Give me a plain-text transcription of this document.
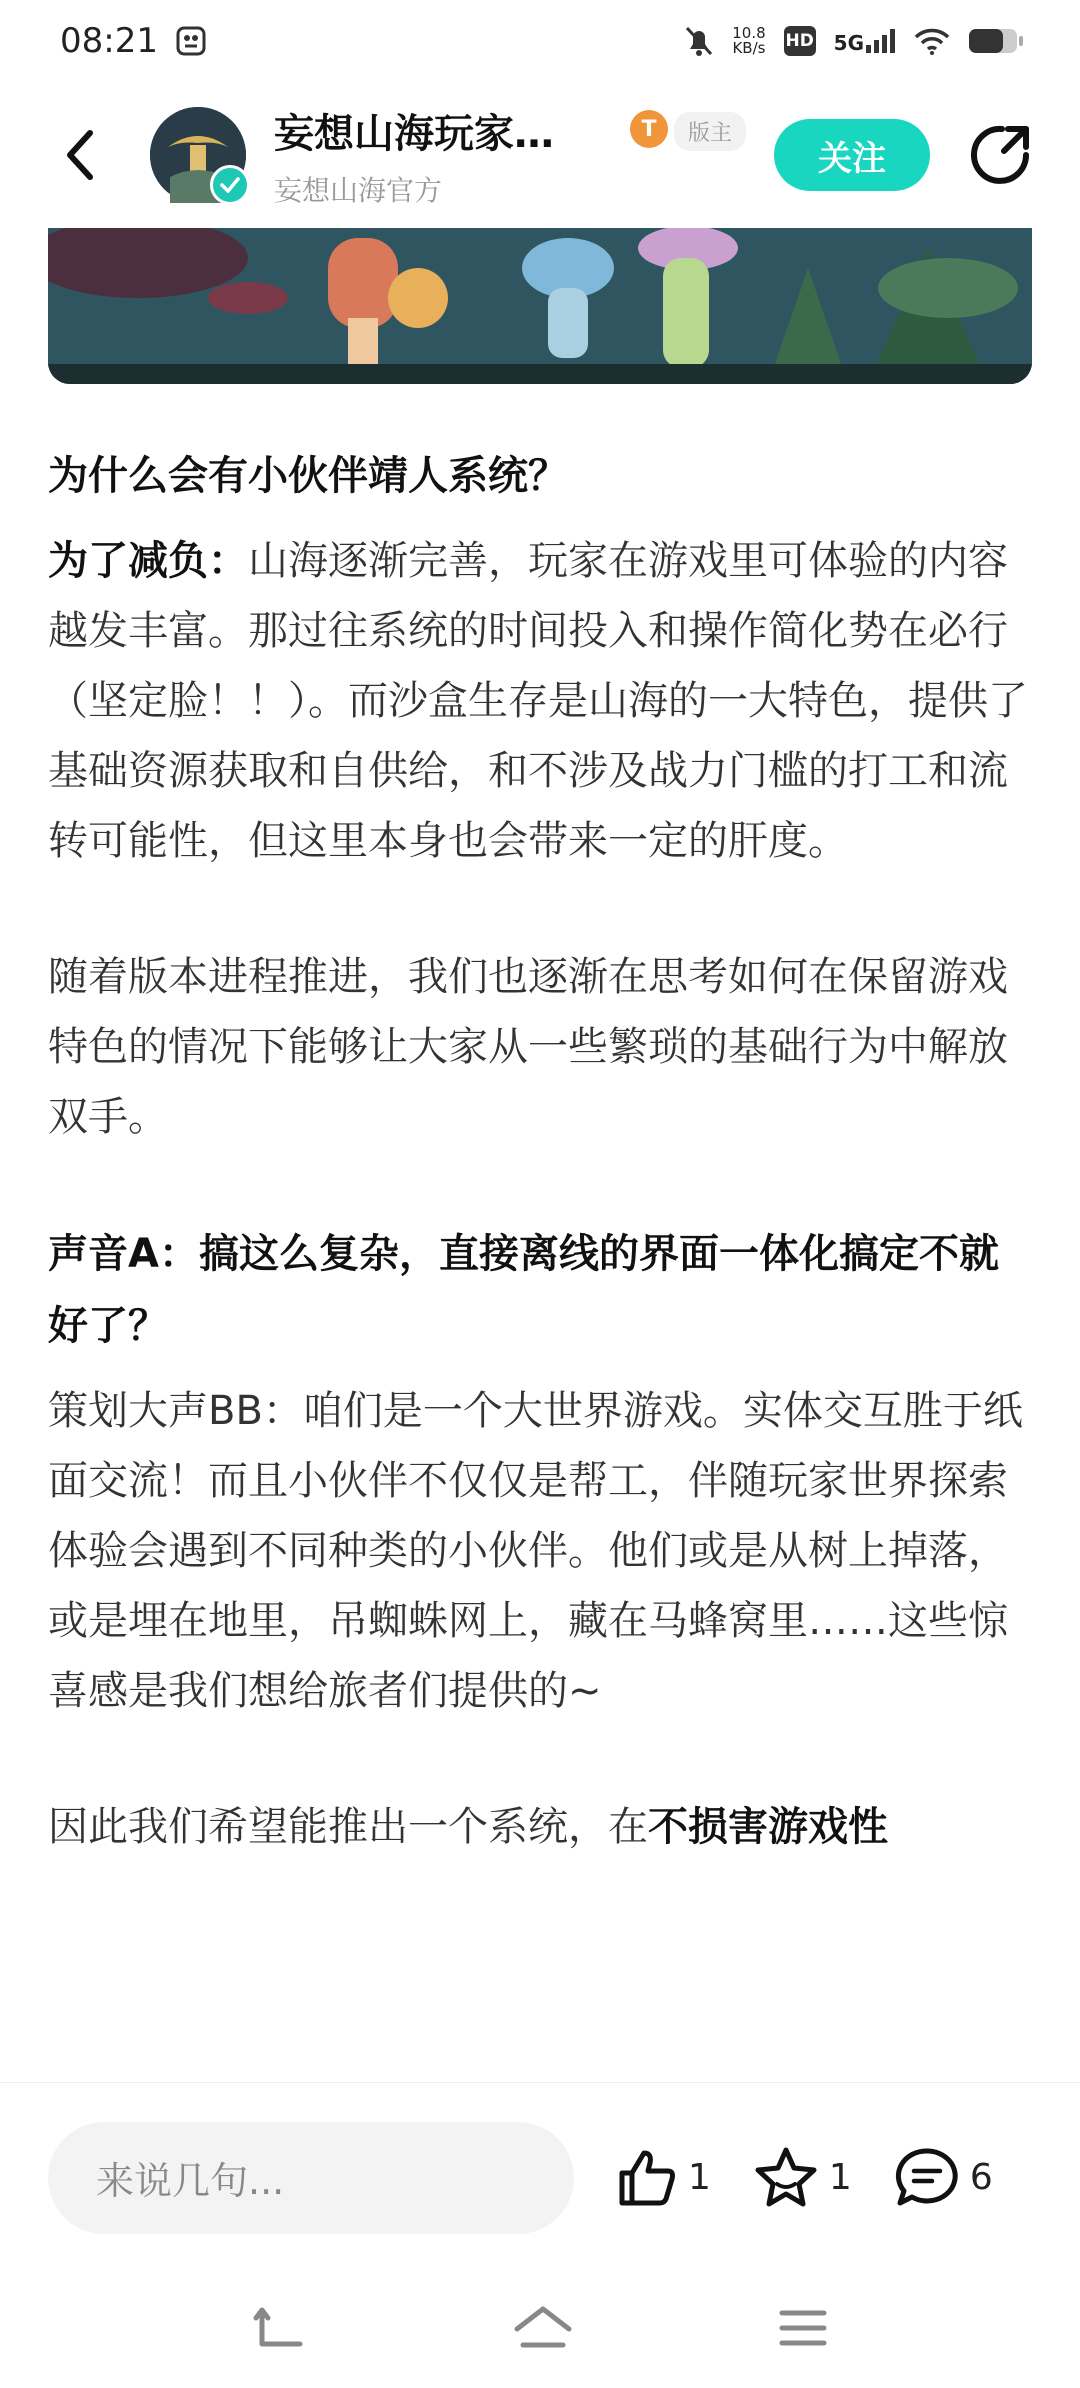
08:21	10.8
KB/s HD 5G
妄想山海玩家…
妄想山海官方
T	版主
关注

为什么会有小伙伴靖人系统？

为了减负：山海逐渐完善，玩家在游戏里可体验的内容越发丰富。那过往系统的时间投入和操作简化势在必行（坚定脸！！）。而沙盒生存是山海的一大特色，提供了基础资源获取和自供给，和不涉及战力门槛的打工和流转可能性，但这里本身也会带来一定的肝度。

随着版本进程推进，我们也逐渐在思考如何在保留游戏特色的情况下能够让大家从一些繁琐的基础行为中解放双手。

声音A：搞这么复杂，直接离线的界面一体化搞定不就好了？

策划大声BB：咱们是一个大世界游戏。实体交互胜于纸面交流！而且小伙伴不仅仅是帮工，伴随玩家世界探索体验会遇到不同种类的小伙伴。他们或是从树上掉落，或是埋在地里，吊蜘蛛网上，藏在马蜂窝里……这些惊喜感是我们想给旅者们提供的~

因此我们希望能推出一个系统，在不损害游戏性

来说几句...	1	1	6
